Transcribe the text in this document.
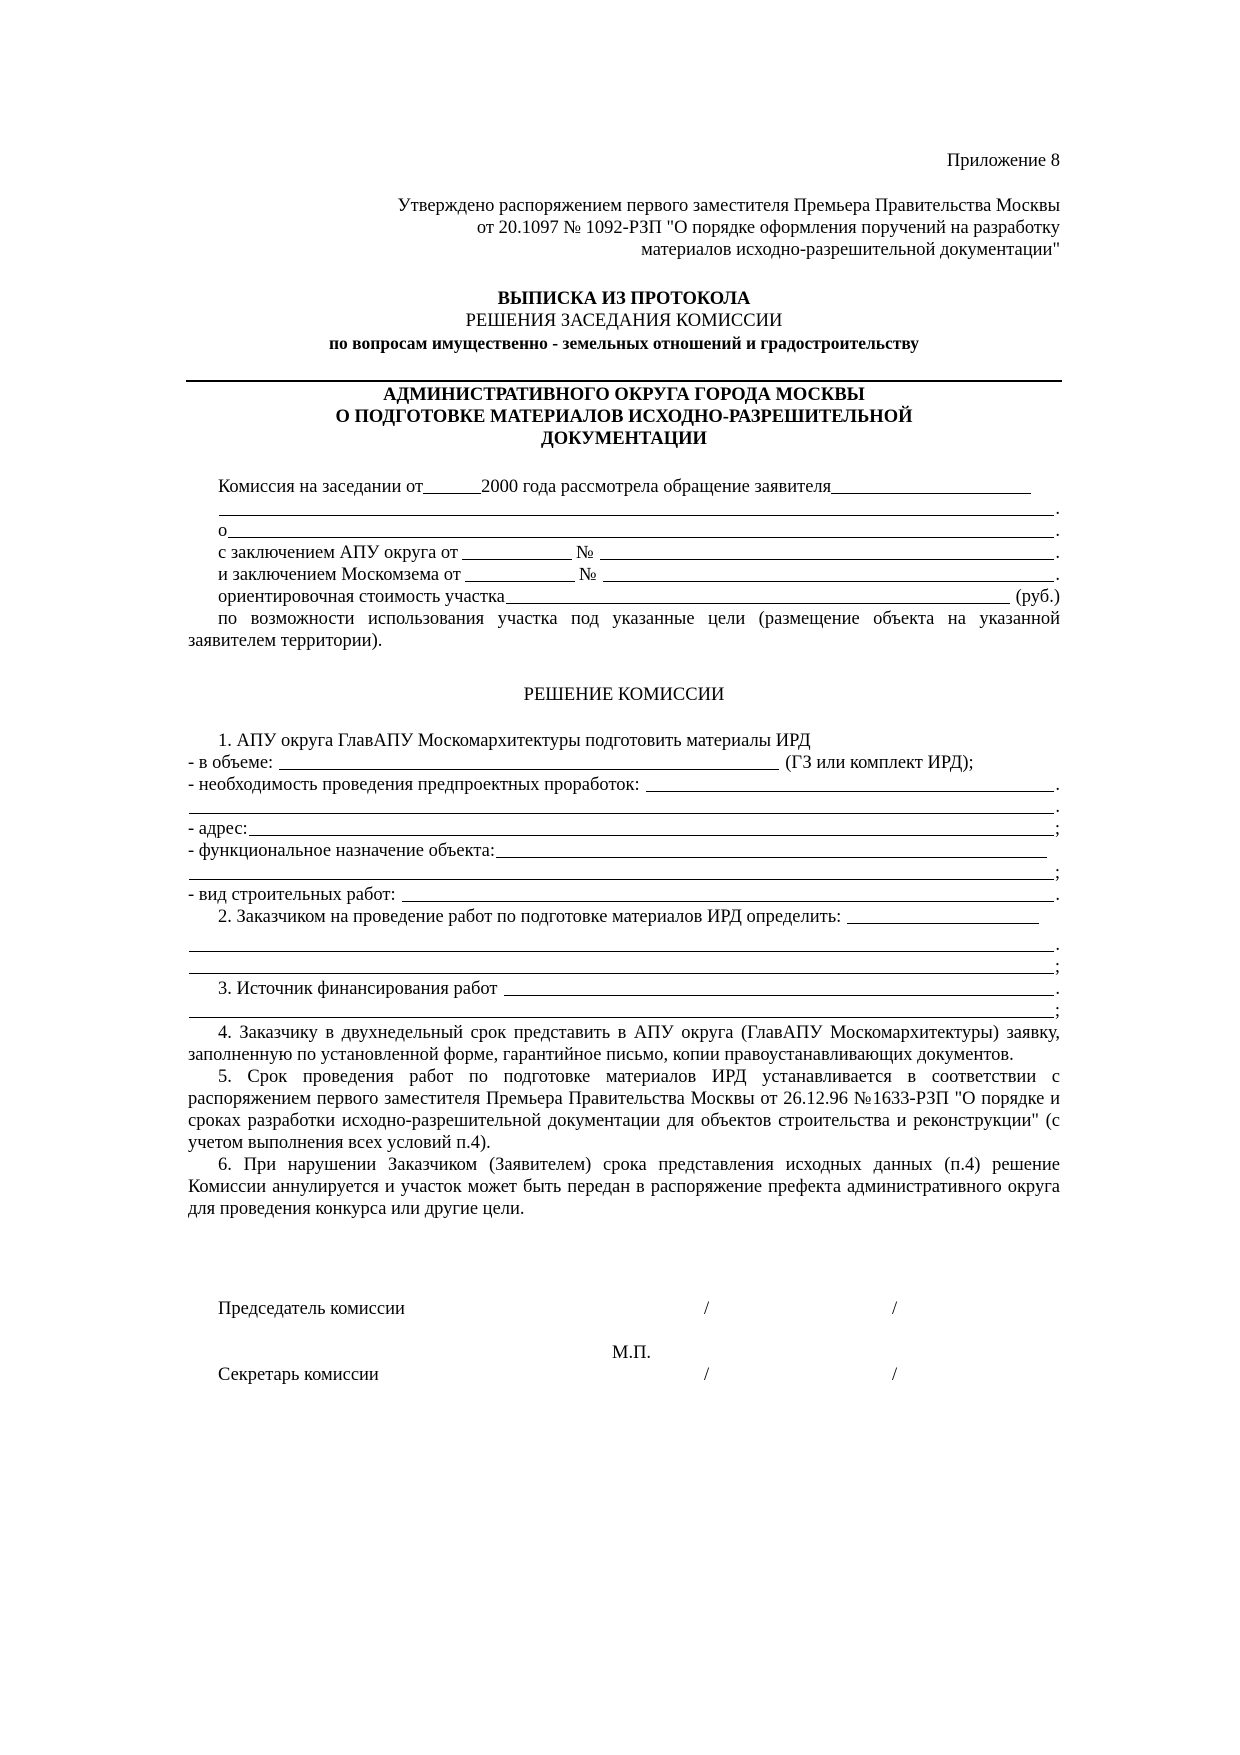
Приложение 8
Утверждено распоряжением первого заместителя Премьера Правительства Москвы
от 20.1097 № 1092-РЗП "О порядке оформления поручений на разработку
материалов исходно-разрешительной документации"
ВЫПИСКА ИЗ ПРОТОКОЛА
РЕШЕНИЯ ЗАСЕДАНИЯ КОМИССИИ
по вопросам имущественно - земельных отношений и градостроительству
АДМИНИСТРАТИВНОГО ОКРУГА ГОРОДА МОСКВЫ
О ПОДГОТОВКЕ МАТЕРИАЛОВ ИСХОДНО-РАЗРЕШИТЕЛЬНОЙ
ДОКУМЕНТАЦИИ
Комиссия на заседании от	2000 года рассмотрела обращение заявителя
.
о	.
с заключением АПУ округа от	№	.
и заключением Москомзема от	№	.
ориентировочная стоимость участка	(руб.)
по возможности использования участка под указанные цели (размещение объекта на указанной заявителем территории).
РЕШЕНИЕ КОМИССИИ
1. АПУ округа ГлавАПУ Москомархитектуры подготовить материалы ИРД
- в объеме:	(ГЗ или комплект ИРД);
- необходимость проведения предпроектных проработок:	.
.
- адрес:	;
- функциональное назначение объекта:
;
- вид строительных работ:	.
2. Заказчиком на проведение работ по подготовке материалов ИРД определить:
.
;
3. Источник финансирования работ	.
;
4. Заказчику в двухнедельный срок представить в АПУ округа (ГлавАПУ Москомархитектуры) заявку, заполненную по установленной форме, гарантийное письмо, копии правоустанавливающих документов.
5. Срок проведения работ по подготовке материалов ИРД устанавливается в соответствии с распоряжением первого заместителя Премьера Правительства Москвы от 26.12.96 №1633-РЗП "О порядке и сроках разработки исходно-разрешительной документации для объектов строительства и реконструкции" (с учетом выполнения всех условий п.4).
6. При нарушении Заказчиком (Заявителем) срока представления исходных данных (п.4) решение Комиссии аннулируется и участок может быть передан в распоряжение префекта административного округа для проведения конкурса или другие цели.
Председатель комиссии	/	/
М.П.
Секретарь комиссии	/	/
